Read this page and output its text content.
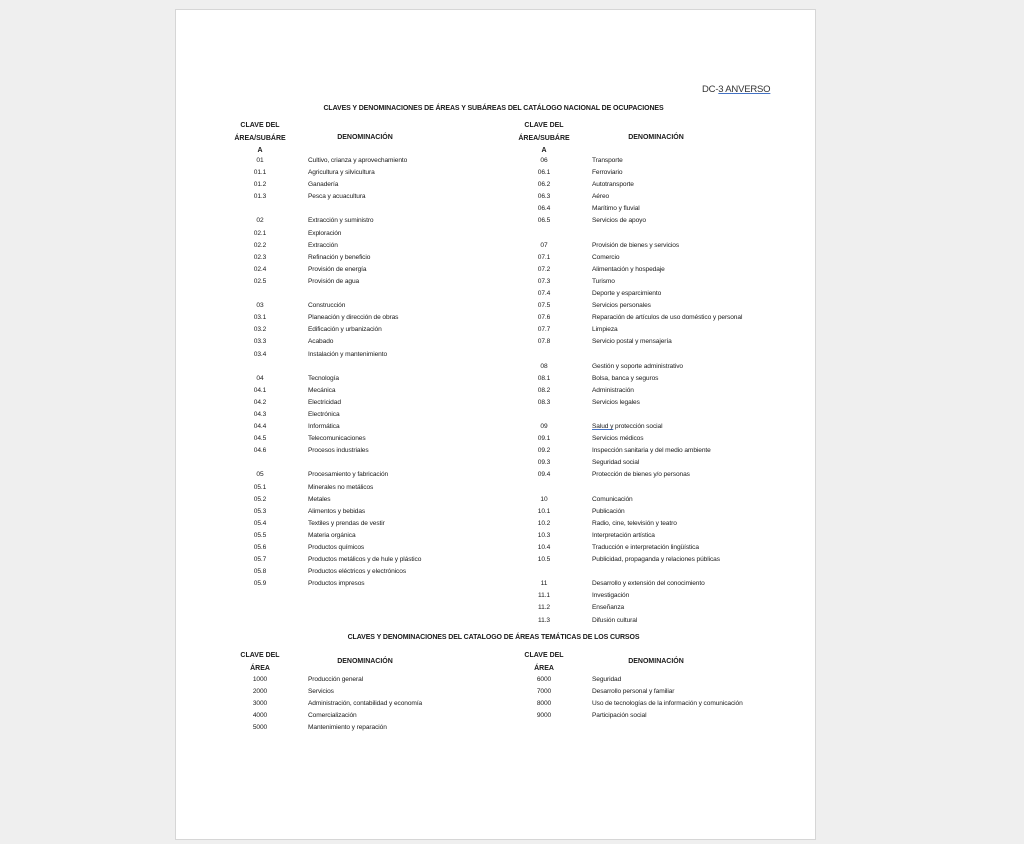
DC-3 ANVERSO
CLAVES Y DENOMINACIONES DE ÁREAS Y SUBÁREAS DEL CATÁLOGO NACIONAL DE OCUPACIONES
CLAVE DEL
ÁREA/SUBÁRE
A
DENOMINACIÓN
CLAVE DEL
ÁREA/SUBÁRE
A
DENOMINACIÓN
01	Cultivo, crianza y aprovechamiento
01.1	Agricultura y silvicultura
01.2	Ganadería
01.3	Pesca y acuacultura
02	Extracción y suministro
02.1	Exploración
02.2	Extracción
02.3	Refinación y beneficio
02.4	Provisión de energía
02.5	Provisión de agua
03	Construcción
03.1	Planeación y dirección de obras
03.2	Edificación y urbanización
03.3	Acabado
03.4	Instalación y mantenimiento
04	Tecnología
04.1	Mecánica
04.2	Electricidad
04.3	Electrónica
04.4	Informática
04.5	Telecomunicaciones
04.6	Procesos industriales
05	Procesamiento y fabricación
05.1	Minerales no metálicos
05.2	Metales
05.3	Alimentos y bebidas
05.4	Textiles y prendas de vestir
05.5	Materia orgánica
05.6	Productos químicos
05.7	Productos metálicos y de hule y plástico
05.8	Productos eléctricos y electrónicos
05.9	Productos impresos
06	Transporte
06.1	Ferroviario
06.2	Autotransporte
06.3	Aéreo
06.4	Marítimo y fluvial
06.5	Servicios de apoyo
07	Provisión de bienes y servicios
07.1	Comercio
07.2	Alimentación y hospedaje
07.3	Turismo
07.4	Deporte y esparcimiento
07.5	Servicios personales
07.6	Reparación de artículos de uso doméstico y personal
07.7	Limpieza
07.8	Servicio postal y mensajería
08	Gestión y soporte administrativo
08.1	Bolsa, banca y seguros
08.2	Administración
08.3	Servicios legales
09	Salud y protección social
09.1	Servicios médicos
09.2	Inspección sanitaria y del medio ambiente
09.3	Seguridad social
09.4	Protección de bienes y/o personas
10	Comunicación
10.1	Publicación
10.2	Radio, cine, televisión y teatro
10.3	Interpretación artística
10.4	Traducción e interpretación lingüística
10.5	Publicidad, propaganda y relaciones públicas
11	Desarrollo y extensión del conocimiento
11.1	Investigación
11.2	Enseñanza
11.3	Difusión cultural
CLAVES Y DENOMINACIONES DEL CATALOGO DE ÁREAS TEMÁTICAS DE LOS CURSOS
CLAVE DEL
ÁREA
DENOMINACIÓN
CLAVE DEL
ÁREA
DENOMINACIÓN
1000	Producción general
2000	Servicios
3000	Administración, contabilidad y economía
4000	Comercialización
5000	Mantenimiento y reparación
6000	Seguridad
7000	Desarrollo personal y familiar
8000	Uso de tecnologías de la información y comunicación
9000	Participación social
